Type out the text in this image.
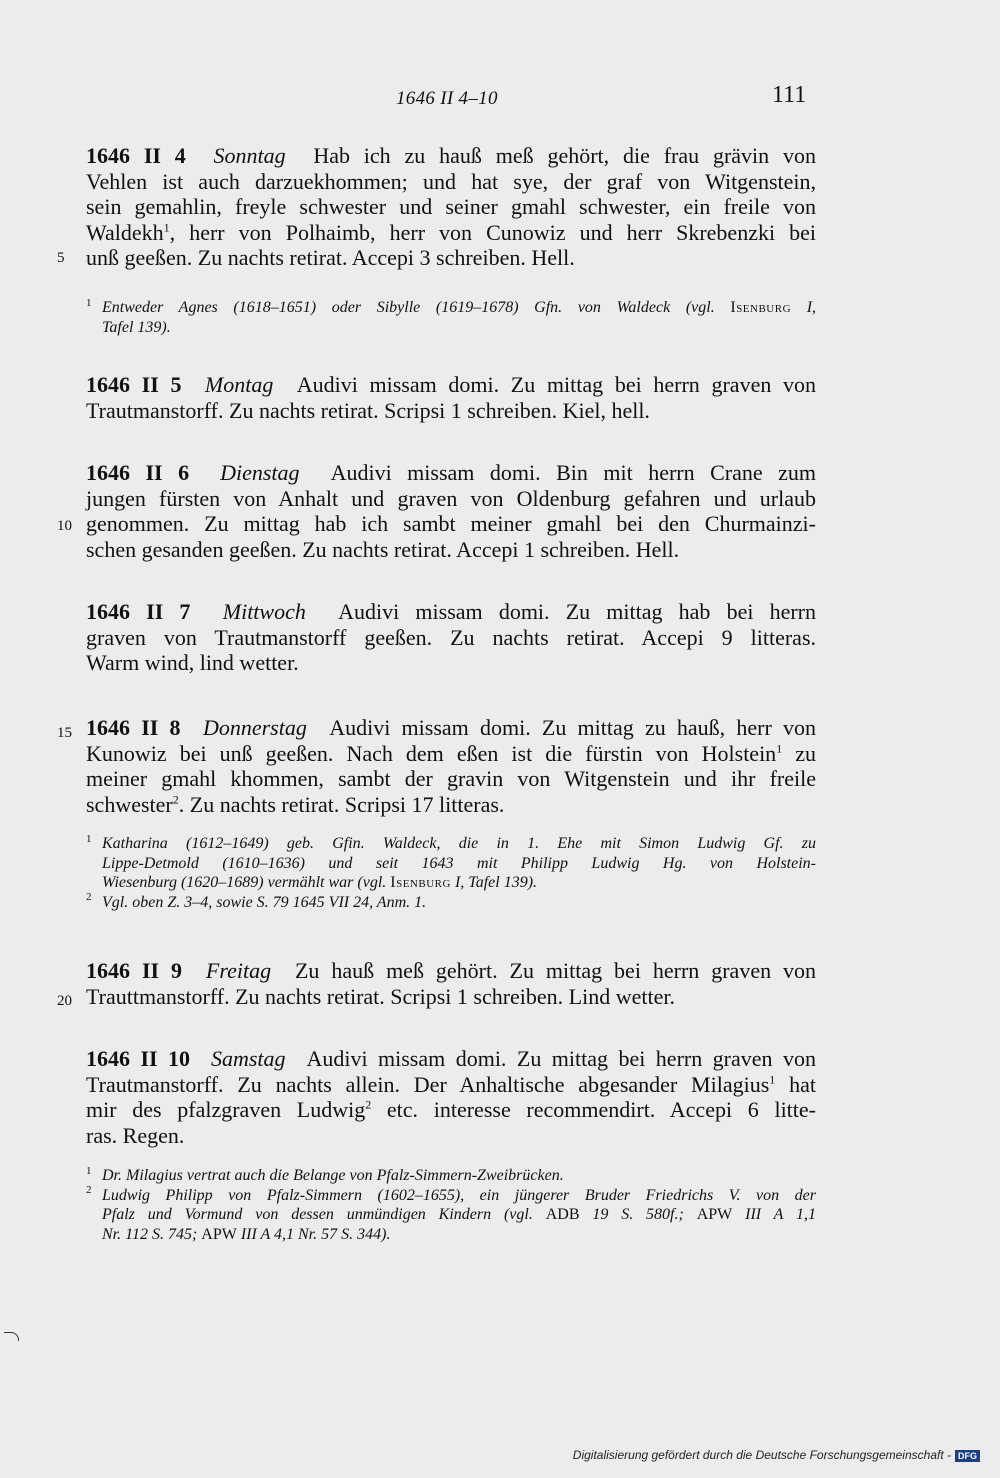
1646 II 4–10	111
5
10
15
20
1646 II 4 Sonntag Hab ich zu hauß meß gehört, die frau grävin von
Vehlen ist auch darzuekhommen; und hat sye, der graf von Witgenstein,
sein gemahlin, freyle schwester und seiner gmahl schwester, ein freile von
Waldekh$^1$, herr von Polhaimb, herr von Cunowiz und herr Skrebenzki bei
unß geeßen. Zu nachts retirat. Accepi 3 schreiben. Hell.
1 Entweder Agnes (1618–1651) oder Sibylle (1619–1678) Gfn. von Waldeck (vgl. Isenburg I,
Tafel 139).
1646 II 5 Montag Audivi missam domi. Zu mittag bei herrn graven von
Trautmanstorff. Zu nachts retirat. Scripsi 1 schreiben. Kiel, hell.
1646 II 6 Dienstag Audivi missam domi. Bin mit herrn Crane zum
jungen fürsten von Anhalt und graven von Oldenburg gefahren und urlaub
genommen. Zu mittag hab ich sambt meiner gmahl bei den Churmainzi-
schen gesanden geeßen. Zu nachts retirat. Accepi 1 schreiben. Hell.
1646 II 7 Mittwoch Audivi missam domi. Zu mittag hab bei herrn
graven von Trautmanstorff geeßen. Zu nachts retirat. Accepi 9 litteras.
Warm wind, lind wetter.
1646 II 8 Donnerstag Audivi missam domi. Zu mittag zu hauß, herr von
Kunowiz bei unß geeßen. Nach dem eßen ist die fürstin von Holstein$^1$ zu
meiner gmahl khommen, sambt der gravin von Witgenstein und ihr freile
schwester$^2$. Zu nachts retirat. Scripsi 17 litteras.
1 Katharina (1612–1649) geb. Gfin. Waldeck, die in 1. Ehe mit Simon Ludwig Gf. zu
Lippe-Detmold (1610–1636) und seit 1643 mit Philipp Ludwig Hg. von Holstein-
Wiesenburg (1620–1689) vermählt war (vgl. Isenburg I, Tafel 139).
2 Vgl. oben Z. 3–4, sowie S. 79 1645 VII 24, Anm. 1.
1646 II 9 Freitag Zu hauß meß gehört. Zu mittag bei herrn graven von
Trauttmanstorff. Zu nachts retirat. Scripsi 1 schreiben. Lind wetter.
1646 II 10 Samstag Audivi missam domi. Zu mittag bei herrn graven von
Trautmanstorff. Zu nachts allein. Der Anhaltische abgesander Milagius$^1$ hat
mir des pfalzgraven Ludwig$^2$ etc. interesse recommendirt. Accepi 6 litte-
ras. Regen.
1 Dr. Milagius vertrat auch die Belange von Pfalz-Simmern-Zweibrücken.
2 Ludwig Philipp von Pfalz-Simmern (1602–1655), ein jüngerer Bruder Friedrichs V. von der
Pfalz und Vormund von dessen unmündigen Kindern (vgl. ADB 19 S. 580f.; APW III A 1,1
Nr. 112 S. 745; APW III A 4,1 Nr. 57 S. 344).
Digitalisierung gefördert durch die Deutsche Forschungsgemeinschaft - DFG
